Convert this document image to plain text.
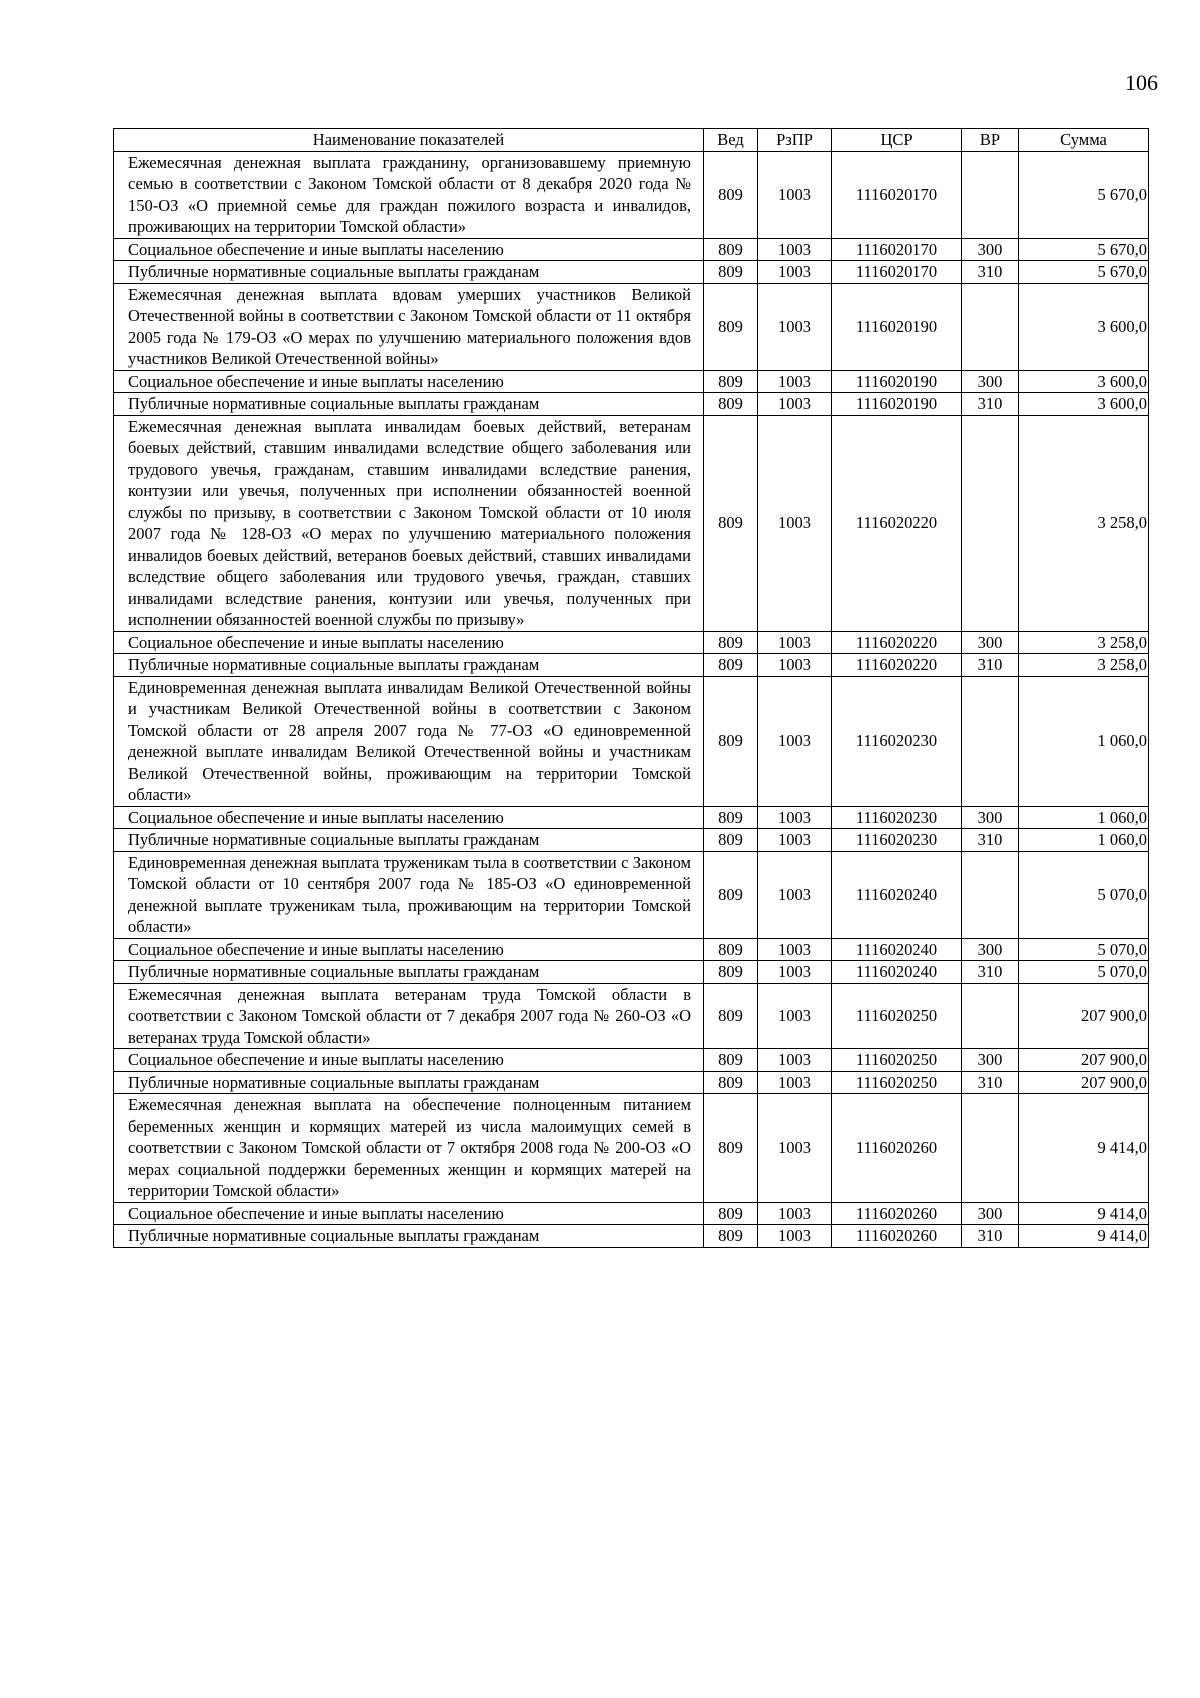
106
Наименование показателей	Вед	РзПР	ЦСР	ВР	Сумма
Ежемесячная денежная выплата гражданину, организовавшему приемную семью в соответствии с Законом Томской области от 8 декабря 2020 года № 150-ОЗ «О приемной семье для граждан пожилого возраста и инвалидов, проживающих на территории Томской области»	809	1003	1116020170		5 670,0
Социальное обеспечение и иные выплаты населению	809	1003	1116020170	300	5 670,0
Публичные нормативные социальные выплаты гражданам	809	1003	1116020170	310	5 670,0
Ежемесячная денежная выплата вдовам умерших участников Великой Отечественной войны в соответствии с Законом Томской области от 11 октября 2005 года № 179-ОЗ «О мерах по улучшению материального положения вдов участников Великой Отечественной войны»	809	1003	1116020190		3 600,0
Социальное обеспечение и иные выплаты населению	809	1003	1116020190	300	3 600,0
Публичные нормативные социальные выплаты гражданам	809	1003	1116020190	310	3 600,0
Ежемесячная денежная выплата инвалидам боевых действий, ветеранам боевых действий, ставшим инвалидами вследствие общего заболевания или трудового увечья, гражданам, ставшим инвалидами вследствие ранения, контузии или увечья, полученных при исполнении обязанностей военной службы по призыву, в соответствии с Законом Томской области от 10 июля 2007 года № 128-ОЗ «О мерах по улучшению материального положения инвалидов боевых действий, ветеранов боевых действий, ставших инвалидами вследствие общего заболевания или трудового увечья, граждан, ставших инвалидами вследствие ранения, контузии или увечья, полученных при исполнении обязанностей военной службы по призыву»	809	1003	1116020220		3 258,0
Социальное обеспечение и иные выплаты населению	809	1003	1116020220	300	3 258,0
Публичные нормативные социальные выплаты гражданам	809	1003	1116020220	310	3 258,0
Единовременная денежная выплата инвалидам Великой Отечественной войны и участникам Великой Отечественной войны в соответствии с Законом Томской области от 28 апреля 2007 года № 77-ОЗ «О единовременной денежной выплате инвалидам Великой Отечественной войны и участникам Великой Отечественной войны, проживающим на территории Томской области»	809	1003	1116020230		1 060,0
Социальное обеспечение и иные выплаты населению	809	1003	1116020230	300	1 060,0
Публичные нормативные социальные выплаты гражданам	809	1003	1116020230	310	1 060,0
Единовременная денежная выплата труженикам тыла в соответствии с Законом Томской области от 10 сентября 2007 года № 185-ОЗ «О единовременной денежной выплате труженикам тыла, проживающим на территории Томской области»	809	1003	1116020240		5 070,0
Социальное обеспечение и иные выплаты населению	809	1003	1116020240	300	5 070,0
Публичные нормативные социальные выплаты гражданам	809	1003	1116020240	310	5 070,0
Ежемесячная денежная выплата ветеранам труда Томской области в соответствии с Законом Томской области от 7 декабря 2007 года № 260-ОЗ «О ветеранах труда Томской области»	809	1003	1116020250		207 900,0
Социальное обеспечение и иные выплаты населению	809	1003	1116020250	300	207 900,0
Публичные нормативные социальные выплаты гражданам	809	1003	1116020250	310	207 900,0
Ежемесячная денежная выплата на обеспечение полноценным питанием беременных женщин и кормящих матерей из числа малоимущих семей в соответствии с Законом Томской области от 7 октября 2008 года № 200-ОЗ «О мерах социальной поддержки беременных женщин и кормящих матерей на территории Томской области»	809	1003	1116020260		9 414,0
Социальное обеспечение и иные выплаты населению	809	1003	1116020260	300	9 414,0
Публичные нормативные социальные выплаты гражданам	809	1003	1116020260	310	9 414,0
